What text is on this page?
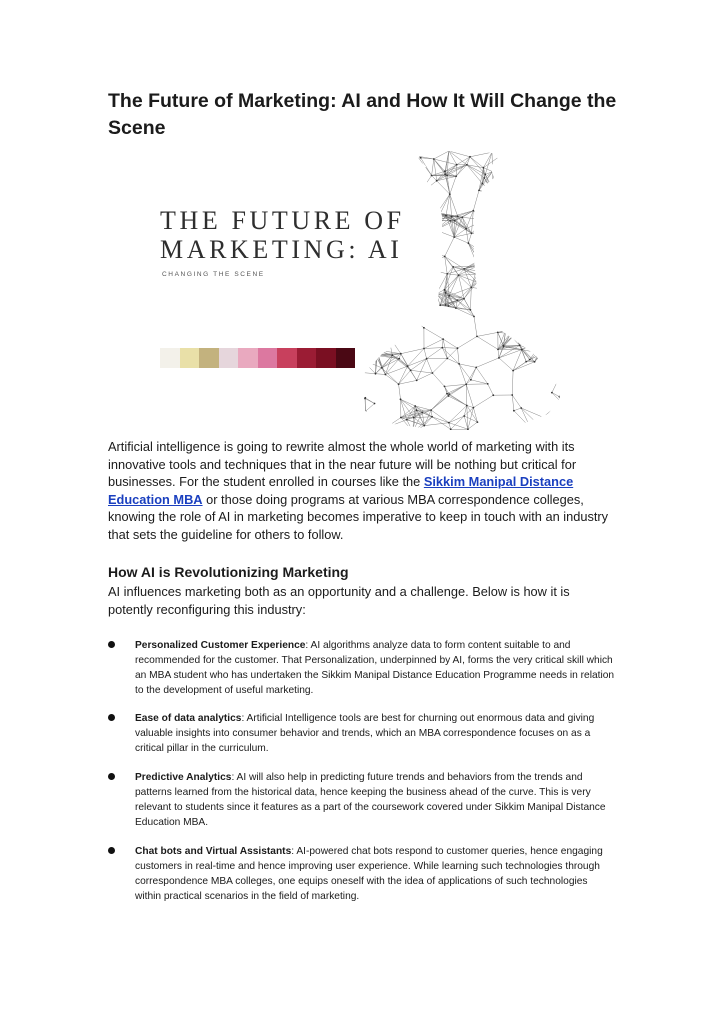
The Future of Marketing: AI and How It Will Change the Scene
THE FUTURE OF
MARKETING: AI
CHANGING THE SCENE
Artificial intelligence is going to rewrite almost the whole world of marketing with its innovative tools and techniques that in the near future will be nothing but critical for businesses. For the student enrolled in courses like the Sikkim Manipal Distance Education MBA or those doing programs at various MBA correspondence colleges, knowing the role of AI in marketing becomes imperative to keep in touch with an industry that sets the guideline for others to follow.
How AI is Revolutionizing Marketing
AI influences marketing both as an opportunity and a challenge. Below is how it is potently reconfiguring this industry:
Personalized Customer Experience: AI algorithms analyze data to form content suitable to and recommended for the customer. That Personalization, underpinned by AI, forms the very critical skill which an MBA student who has undertaken the Sikkim Manipal Distance Education Programme needs in relation to the development of useful marketing.
Ease of data analytics: Artificial Intelligence tools are best for churning out enormous data and giving valuable insights into consumer behavior and trends, which an MBA correspondence focuses on as a critical pillar in the curriculum.
Predictive Analytics: AI will also help in predicting future trends and behaviors from the trends and patterns learned from the historical data, hence keeping the business ahead of the curve. This is very relevant to students since it features as a part of the coursework covered under Sikkim Manipal Distance Education MBA.
Chat bots and Virtual Assistants: AI-powered chat bots respond to customer queries, hence engaging customers in real-time and hence improving user experience. While learning such technologies through correspondence MBA colleges, one equips oneself with the idea of applications of such technologies within practical scenarios in the field of marketing.
